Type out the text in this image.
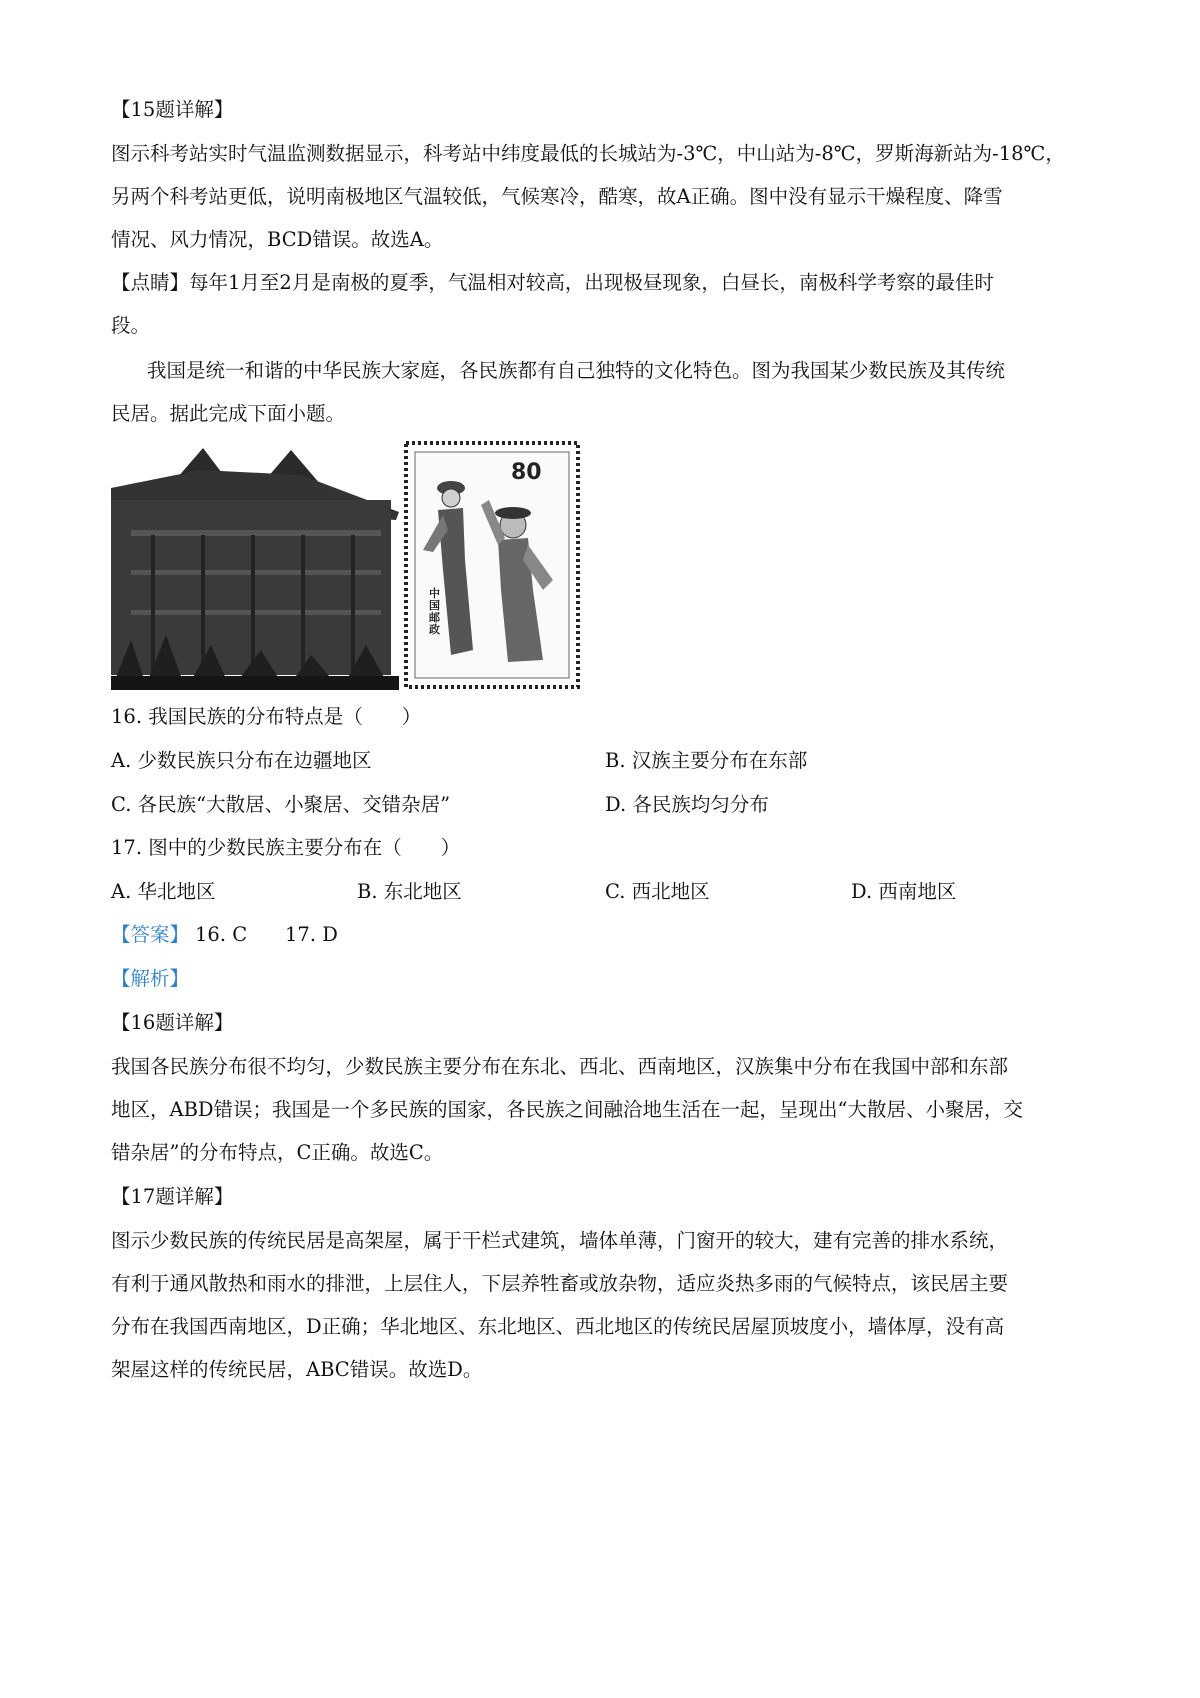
【15题详解】
图示科考站实时气温监测数据显示，科考站中纬度最低的长城站为-3℃，中山站为-8℃，罗斯海新站为-18℃，
另两个科考站更低，说明南极地区气温较低，气候寒冷，酷寒，故A正确。图中没有显示干燥程度、降雪
情况、风力情况，BCD错误。故选A。
【点睛】每年1月至2月是南极的夏季，气温相对较高，出现极昼现象，白昼长，南极科学考察的最佳时
段。
我国是统一和谐的中华民族大家庭，各民族都有自己独特的文化特色。图为我国某少数民族及其传统
民居。据此完成下面小题。
80
中国邮政
16. 我国民族的分布特点是（　　）
A. 少数民族只分布在边疆地区	B. 汉族主要分布在东部
C. 各民族“大散居、小聚居、交错杂居”	D. 各民族均匀分布
17. 图中的少数民族主要分布在（　　）
A. 华北地区	B. 东北地区	C. 西北地区	D. 西南地区
【答案】 16. C 17. D
【解析】
【16题详解】
我国各民族分布很不均匀，少数民族主要分布在东北、西北、西南地区，汉族集中分布在我国中部和东部
地区，ABD错误；我国是一个多民族的国家，各民族之间融洽地生活在一起，呈现出“大散居、小聚居，交
错杂居”的分布特点，C正确。故选C。
【17题详解】
图示少数民族的传统民居是高架屋，属于干栏式建筑，墙体单薄，门窗开的较大，建有完善的排水系统，
有利于通风散热和雨水的排泄，上层住人，下层养牲畜或放杂物，适应炎热多雨的气候特点，该民居主要
分布在我国西南地区，D正确；华北地区、东北地区、西北地区的传统民居屋顶坡度小，墙体厚，没有高
架屋这样的传统民居，ABC错误。故选D。
